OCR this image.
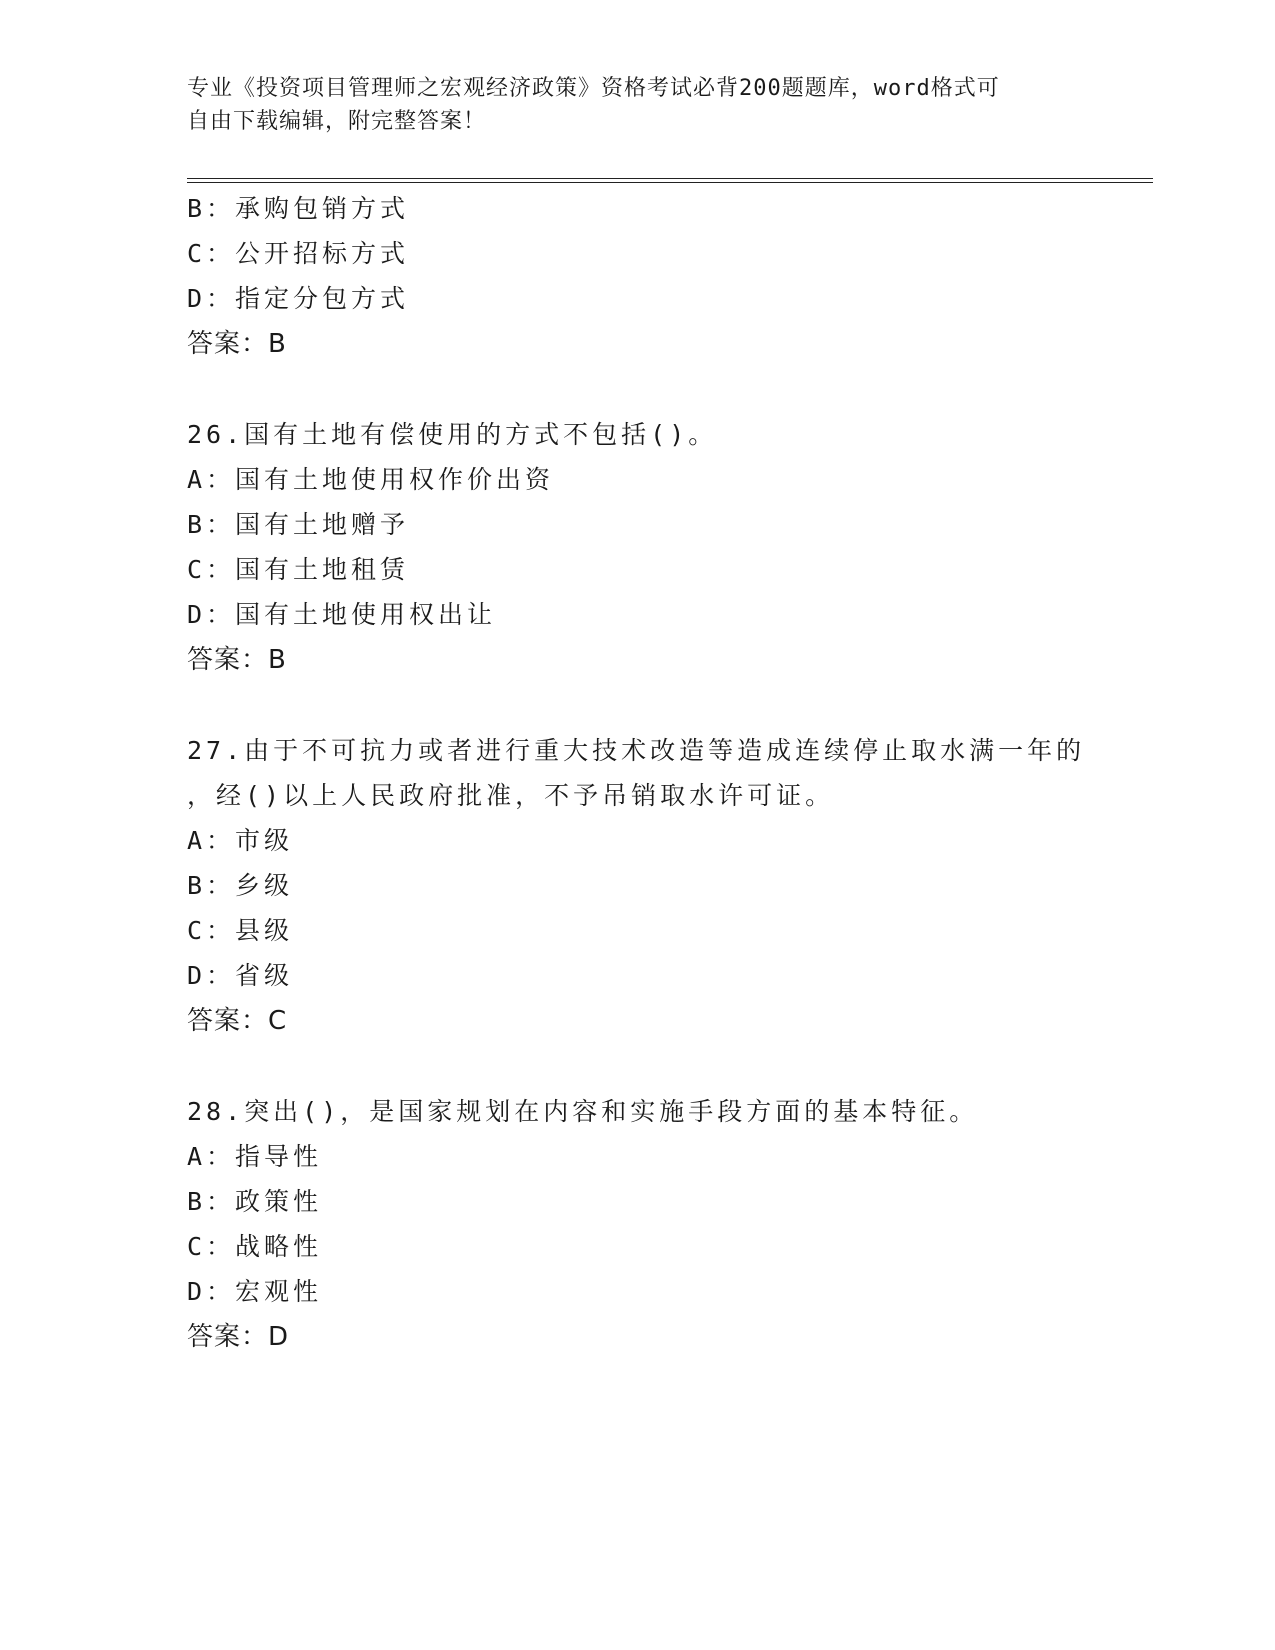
专业《投资项目管理师之宏观经济政策》资格考试必背200题题库，word格式可
自由下载编辑，附完整答案！
B：承购包销方式
C：公开招标方式
D：指定分包方式
答案：B
26.国有土地有偿使用的方式不包括()。
A：国有土地使用权作价出资
B：国有土地赠予
C：国有土地租赁
D：国有土地使用权出让
答案：B
27.由于不可抗力或者进行重大技术改造等造成连续停止取水满一年的
，经()以上人民政府批准，不予吊销取水许可证。
A：市级
B：乡级
C：县级
D：省级
答案：C
28.突出()，是国家规划在内容和实施手段方面的基本特征。
A：指导性
B：政策性
C：战略性
D：宏观性
答案：D
